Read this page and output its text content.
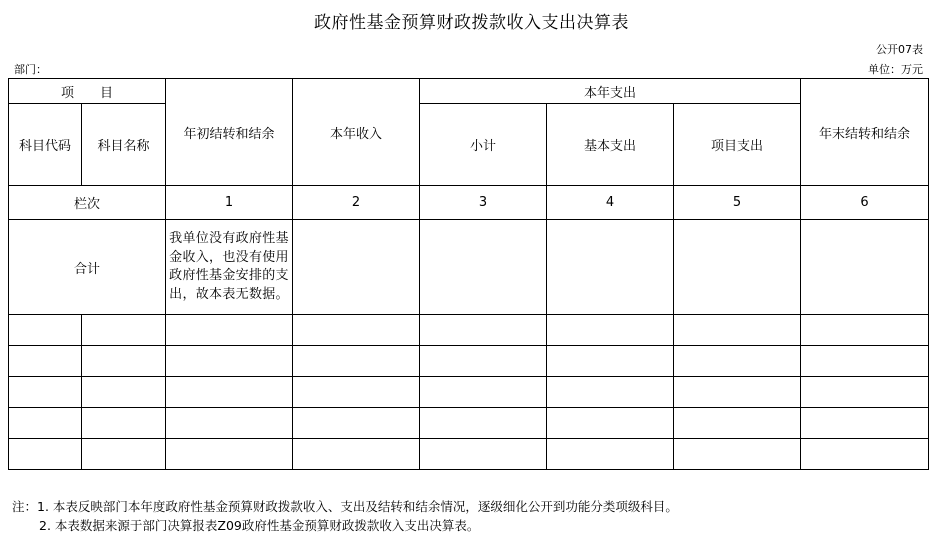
政府性基金预算财政拨款收入支出决算表
公开07表
部门：	单位：万元
项　　目		年初结转和结余	本年收入	本年支出			年末结转和结余
科目代码	科目名称			小计	基本支出	项目支出	
栏次		1	2	3	4	5	6
合计		我单位没有政府性基金收入，也没有使用政府性基金安排的支出，故本表无数据。					

注：1. 本表反映部门本年度政府性基金预算财政拨款收入、支出及结转和结余情况，逐级细化公开到功能分类项级科目。
2. 本表数据来源于部门决算报表Z09政府性基金预算财政拨款收入支出决算表。
